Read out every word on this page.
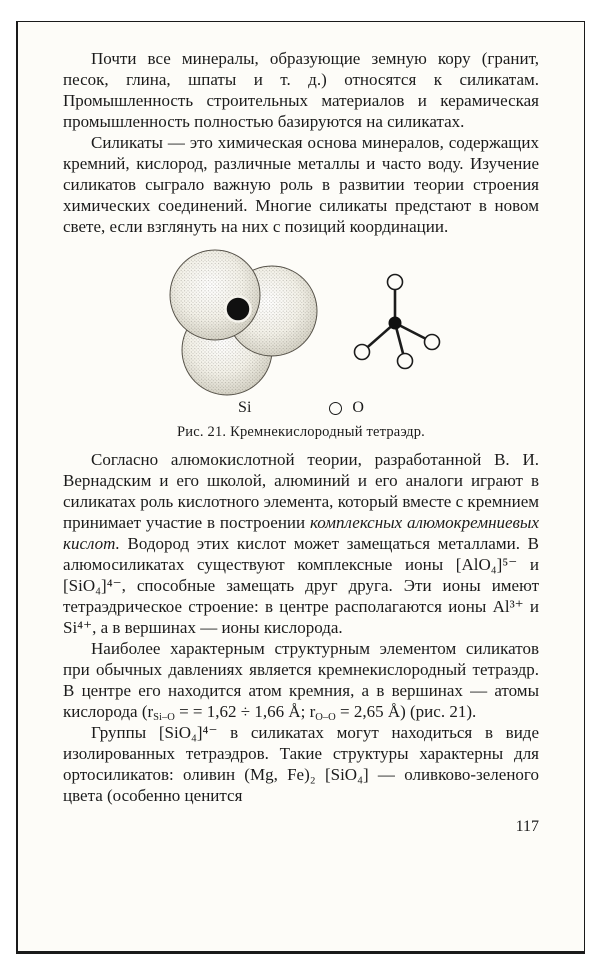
Почти все минералы, образующие земную кору (гранит, песок, глина, шпаты и т. д.) относятся к силикатам. Промышленность строительных материалов и керамическая промышленность полностью базируются на силикатах.

Силикаты — это химическая основа минералов, содержащих кремний, кислород, различные металлы и часто воду. Изучение силикатов сыграло важную роль в развитии теории строения химических соединений. Многие силикаты предстают в новом свете, если взглянуть на них с позиций координации.

Si	O
Рис. 21. Кремнекислородный тетраэдр.

Согласно алюмокислотной теории, разработанной В. И. Вернадским и его школой, алюминий и его аналоги играют в силикатах роль кислотного элемента, который вместе с кремнием принимает участие в построении комплексных алюмокремниевых кислот. Водород этих кислот может замещаться металлами. В алюмосиликатах существуют комплексные ионы [AlO₄]⁵⁻ и [SiO₄]⁴⁻, способные замещать друг друга. Эти ионы имеют тетраэдрическое строение: в центре располагаются ионы Al³⁺ и Si⁴⁺, а в вершинах — ионы кислорода.

Наиболее характерным структурным элементом силикатов при обычных давлениях является кремнекислородный тетраэдр. В центре его находится атом кремния, а в вершинах — атомы кислорода ($r_{Si-O}$ = = 1,62 ÷ 1,66 Å; $r_{O-O} = 2,65$ Å) (рис. 21).

Группы [SiO₄]⁴⁻ в силикатах могут находиться в виде изолированных тетраэдров. Такие структуры характерны для ортосиликатов: оливин (Mg, Fe)₂ [SiO₄] — оливково-зеленого цвета (особенно ценится

117
